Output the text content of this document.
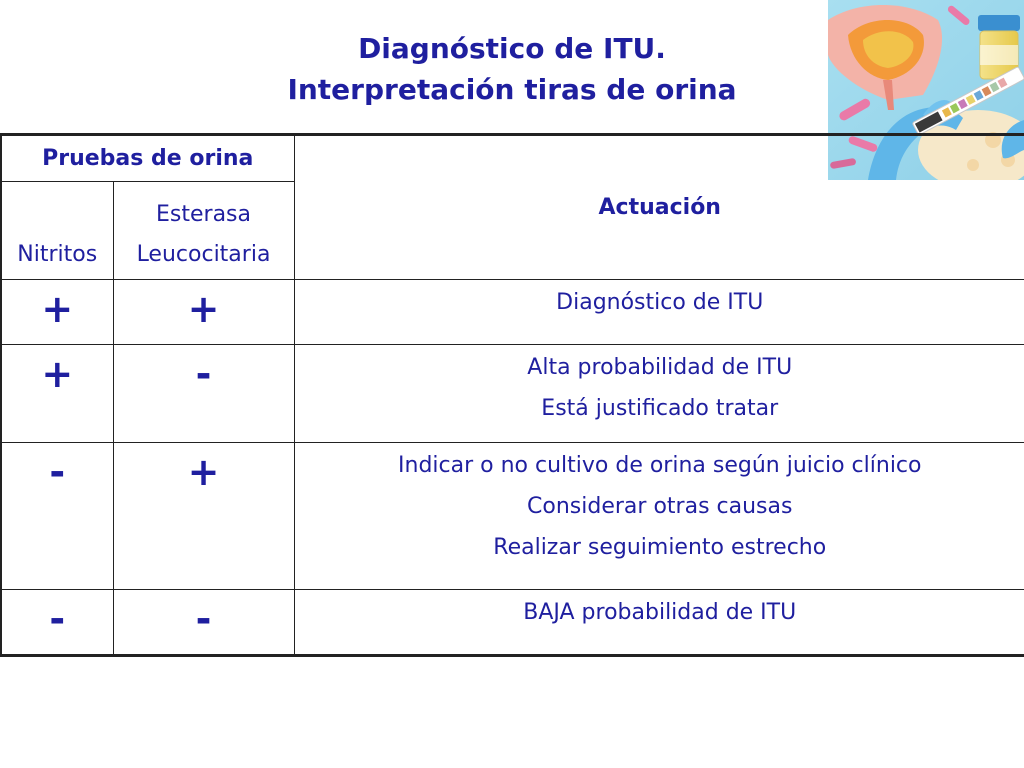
Diagnóstico de ITU.
Interpretación tiras de orina
Pruebas de orina		Actuación

Nitritos	Esterasa
Leucocitaria	

+	+	Diagnóstico de ITU

+	-	Alta probabilidad de ITU
Está justificado tratar

-	+	Indicar o no cultivo de orina según juicio clínico
Considerar otras causas
Realizar seguimiento estrecho

-	-	BAJA probabilidad de ITU
